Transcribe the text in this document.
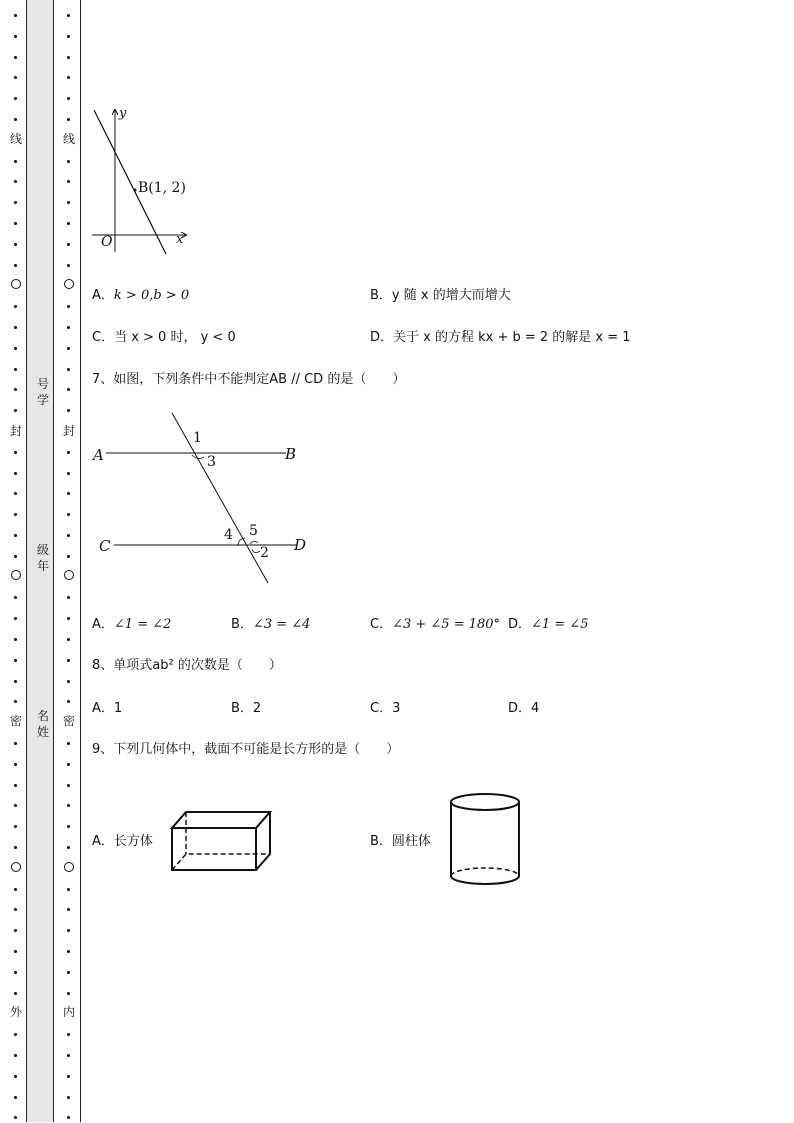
线
封
密
外
线
封
密
内
号
学
级
年
名
姓
y
x
O
B(1, 2)
A．k > 0,b > 0	B．y 随 x 的增大而增大
C．当 x > 0 时， y < 0	D．关于 x 的方程 kx + b = 2 的解是 x = 1
7、如图，下列条件中不能判定AB // CD 的是（　　）
A	B
C	D
1
3
4 5
2
A．∠1 = ∠2	B．∠3 = ∠4	C．∠3 + ∠5 = 180° D．∠1 = ∠5
8、单项式ab² 的次数是（　　）
A．1	B．2	C．3	D．4
9、下列几何体中，截面不可能是长方形的是（　　）
A．长方体	B．圆柱体
